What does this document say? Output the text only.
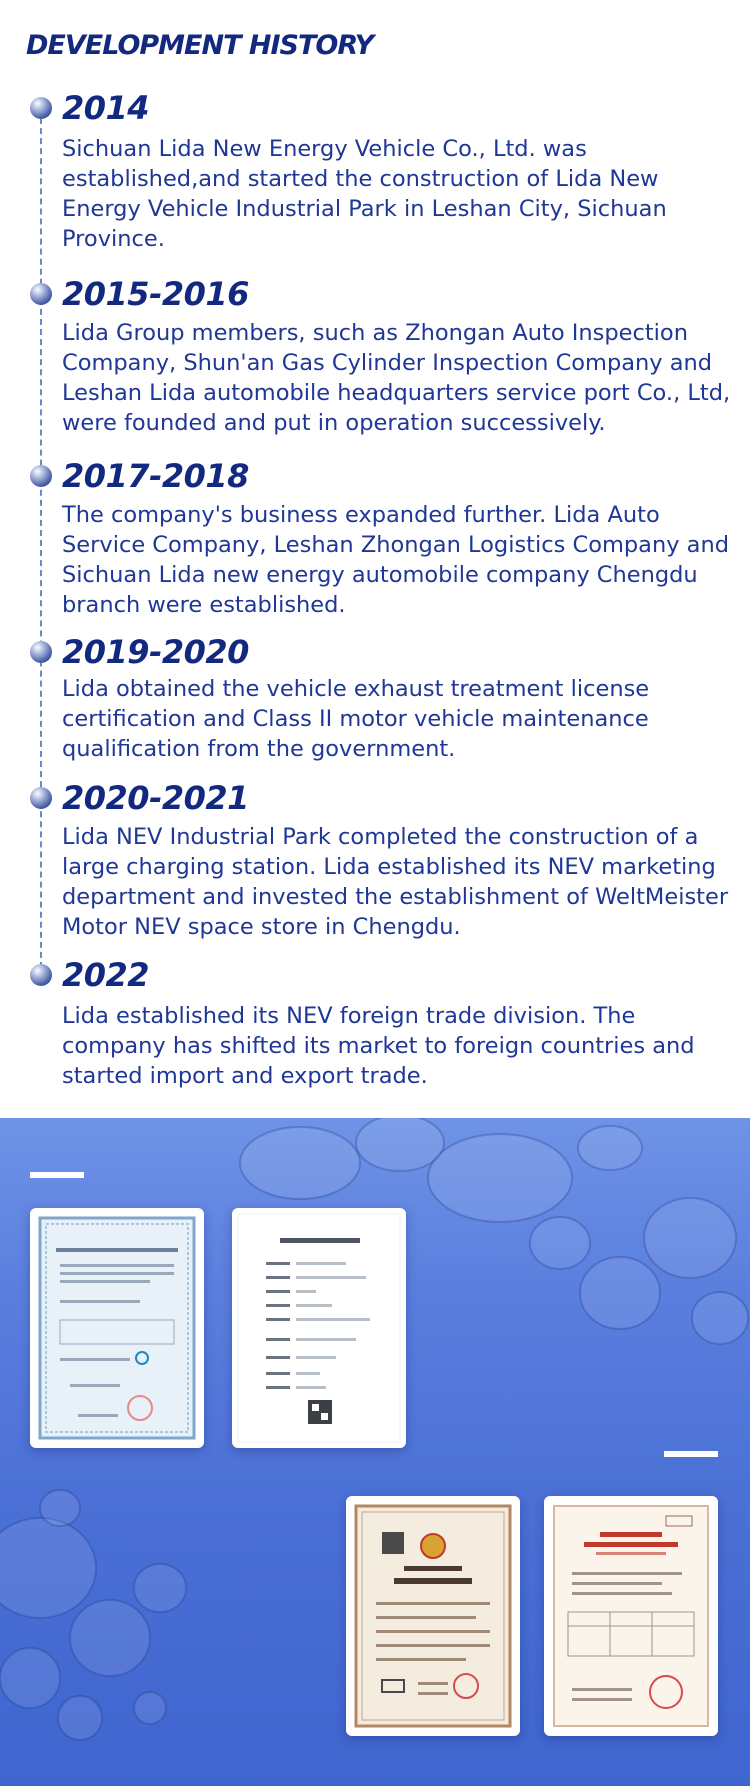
DEVELOPMENT HISTORY
2014

Sichuan Lida New Energy Vehicle Co., Ltd. was established,and started the construction of Lida New Energy Vehicle Industrial Park in Leshan City, Sichuan Province.

2015-2016

Lida Group members, such as Zhongan Auto Inspection Company, Shun'an Gas Cylinder Inspection Company and Leshan Lida automobile headquarters service port Co., Ltd, were founded and put in operation successively.

2017-2018

The company's business expanded further. Lida Auto Service Company, Leshan Zhongan Logistics Company and Sichuan Lida new energy automobile company Chengdu branch were established.

2019-2020

Lida obtained the vehicle exhaust treatment license certification and Class II motor vehicle maintenance qualification from the government.

2020-2021

Lida NEV Industrial Park completed the construction of a large charging station. Lida established its NEV marketing department and invested the establishment of WeltMeister Motor NEV space store in Chengdu.

2022

Lida established its NEV foreign trade division. The company has shifted its market to foreign countries and started import and export trade.
